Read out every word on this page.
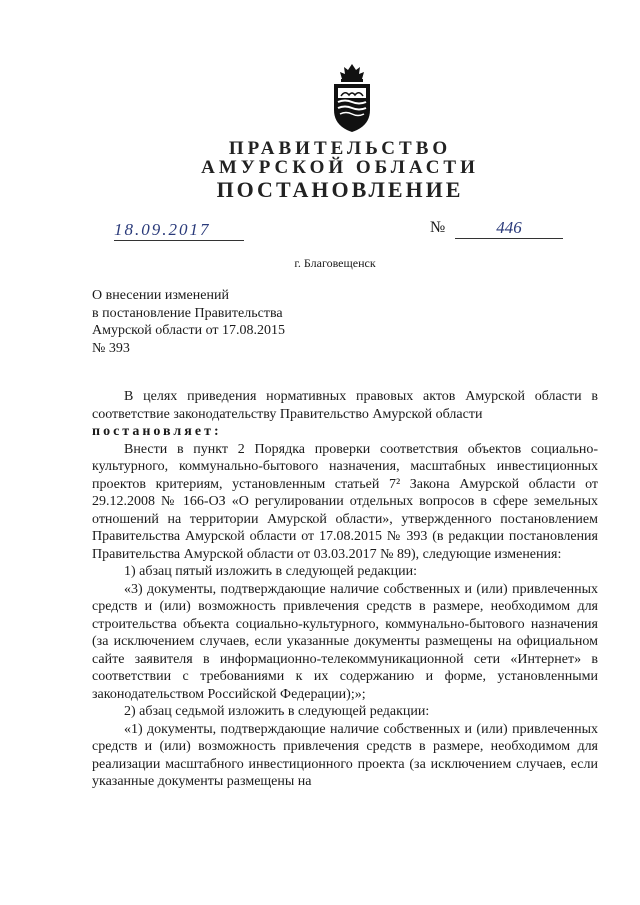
ПРАВИТЕЛЬСТВО
АМУРСКОЙ ОБЛАСТИ
ПОСТАНОВЛЕНИЕ
18.09.2017	№	446
г. Благовещенск
О внесении изменений
в постановление Правительства
Амурской области от 17.08.2015
№ 393

В целях приведения нормативных правовых актов Амурской области в соответствие законодательству Правительство Амурской области

постановляет:

Внести в пункт 2 Порядка проверки соответствия объектов социально-культурного, коммунально-бытового назначения, масштабных инвестиционных проектов критериям, установленным статьей 7² Закона Амурской области от 29.12.2008 № 166-ОЗ «О регулировании отдельных вопросов в сфере земельных отношений на территории Амурской области», утвержденного постановлением Правительства Амурской области от 17.08.2015 № 393 (в редакции постановления Правительства Амурской области от 03.03.2017 № 89), следующие изменения:

1) абзац пятый изложить в следующей редакции:

«3) документы, подтверждающие наличие собственных и (или) привлеченных средств и (или) возможность привлечения средств в размере, необходимом для строительства объекта социально-культурного, коммунально-бытового назначения (за исключением случаев, если указанные документы размещены на официальном сайте заявителя в информационно-телекоммуникационной сети «Интернет» в соответствии с требованиями к их содержанию и форме, установленными законодательством Российской Федерации);»;

2) абзац седьмой изложить в следующей редакции:

«1) документы, подтверждающие наличие собственных и (или) привлеченных средств и (или) возможность привлечения средств в размере, необходимом для реализации масштабного инвестиционного проекта (за исключением случаев, если указанные документы размещены на
